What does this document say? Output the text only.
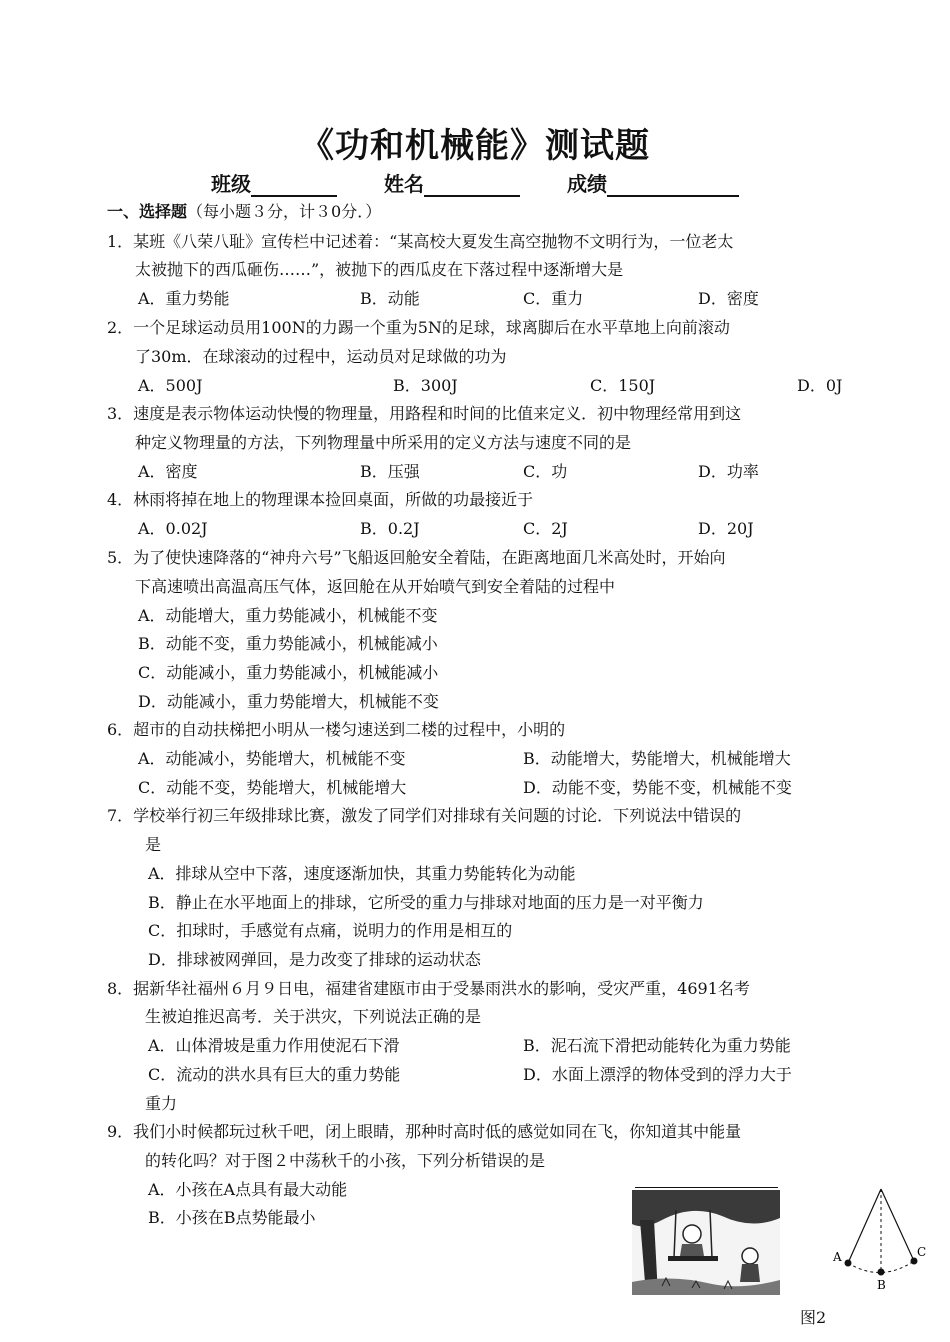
《功和机械能》测试题
班级	姓名	成绩
一、选择题（每小题３分，计３0分．）
1．某班《八荣八耻》宣传栏中记述着：“某高校大夏发生高空抛物不文明行为，一位老太
太被抛下的西瓜砸伤……”，被抛下的西瓜皮在下落过程中逐渐增大是
A．重力势能	B．动能	C．重力	D．密度
2．一个足球运动员用100N的力踢一个重为5N的足球，球离脚后在水平草地上向前滚动
了30m．在球滚动的过程中，运动员对足球做的功为
A．500J	B．300J	C．150J	D．0J
3．速度是表示物体运动快慢的物理量，用路程和时间的比值来定义．初中物理经常用到这
种定义物理量的方法，下列物理量中所采用的定义方法与速度不同的是
A．密度	B．压强	C．功	D．功率
4．林雨将掉在地上的物理课本捡回桌面，所做的功最接近于
A．0.02J	B．0.2J	C．2J	D．20J
5．为了使快速降落的“神舟六号”飞船返回舱安全着陆，在距离地面几米高处时，开始向
下高速喷出高温高压气体，返回舱在从开始喷气到安全着陆的过程中
A．动能增大，重力势能减小，机械能不变
B．动能不变，重力势能减小，机械能减小
C．动能减小，重力势能减小，机械能减小
D．动能减小，重力势能增大，机械能不变
6．超市的自动扶梯把小明从一楼匀速送到二楼的过程中，小明的
A．动能减小，势能增大，机械能不变	B．动能增大，势能增大，机械能增大
C．动能不变，势能增大，机械能增大	D．动能不变，势能不变，机械能不变
7．学校举行初三年级排球比赛，激发了同学们对排球有关问题的讨论．下列说法中错误的
是
A．排球从空中下落，速度逐渐加快，其重力势能转化为动能
B．静止在水平地面上的排球，它所受的重力与排球对地面的压力是一对平衡力
C．扣球时，手感觉有点痛，说明力的作用是相互的
D．排球被网弹回，是力改变了排球的运动状态
8．据新华社福州６月９日电，福建省建瓯市由于受暴雨洪水的影响，受灾严重，4691名考
生被迫推迟高考．关于洪灾，下列说法正确的是
A．山体滑坡是重力作用使泥石下滑	B．泥石流下滑把动能转化为重力势能
C．流动的洪水具有巨大的重力势能	D．水面上漂浮的物体受到的浮力大于
重力
9．我们小时候都玩过秋千吧，闭上眼睛，那种时高时低的感觉如同在飞，你知道其中能量
的转化吗？对于图２中荡秋千的小孩，下列分析错误的是
A．小孩在A点具有最大动能
B．小孩在B点势能最小
A
B
C
图2
